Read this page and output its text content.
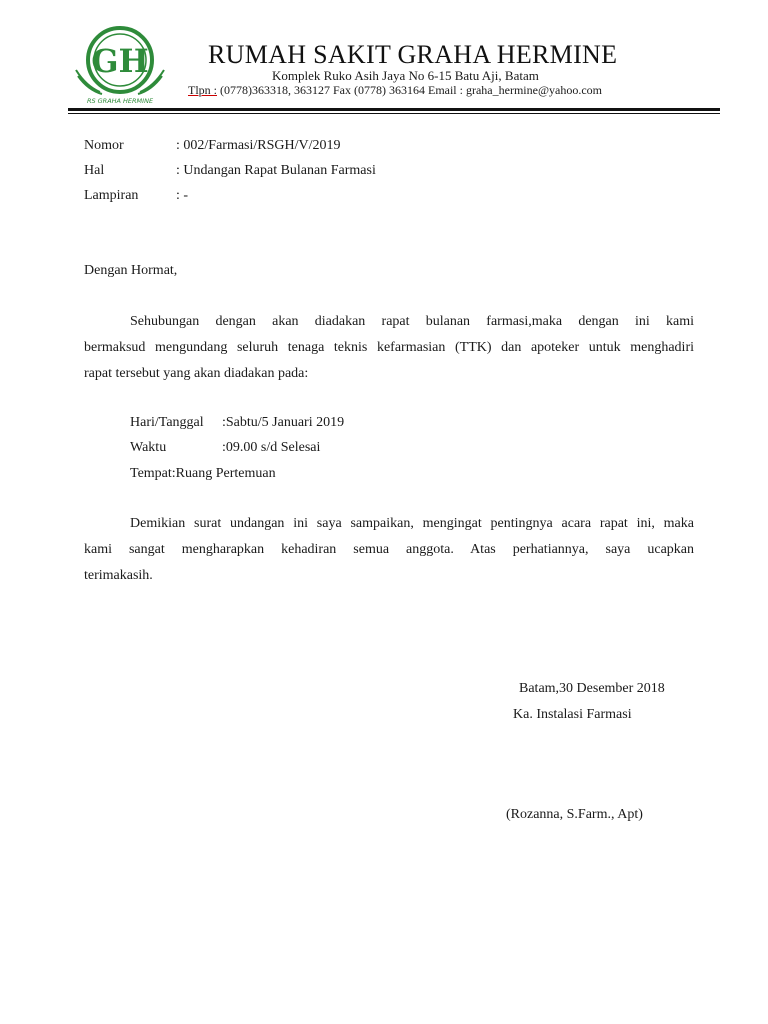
GH
RS GRAHA HERMINE
RUMAH SAKIT GRAHA HERMINE
Komplek Ruko Asih Jaya No 6-15 Batu Aji, Batam
Tlpn : (0778)363318, 363127 Fax (0778) 363164 Email : graha_hermine@yahoo.com
Nomor	: 002/Farmasi/RSGH/V/2019
Hal	: Undangan Rapat Bulanan Farmasi
Lampiran	: -
Dengan Hormat,
Sehubungan dengan akan diadakan rapat bulanan farmasi,maka dengan ini kami
bermaksud mengundang seluruh tenaga teknis kefarmasian (TTK) dan apoteker untuk menghadiri
rapat tersebut yang akan diadakan pada:
Hari/Tanggal :Sabtu/5 Januari 2019
Waktu	:09.00 s/d Selesai
Tempat:Ruang Pertemuan
Demikian surat undangan ini saya sampaikan, mengingat pentingnya acara rapat ini, maka
kami sangat mengharapkan kehadiran semua anggota. Atas perhatiannya, saya ucapkan
terimakasih.
Batam,30 Desember 2018
Ka. Instalasi Farmasi
(Rozanna, S.Farm., Apt)
